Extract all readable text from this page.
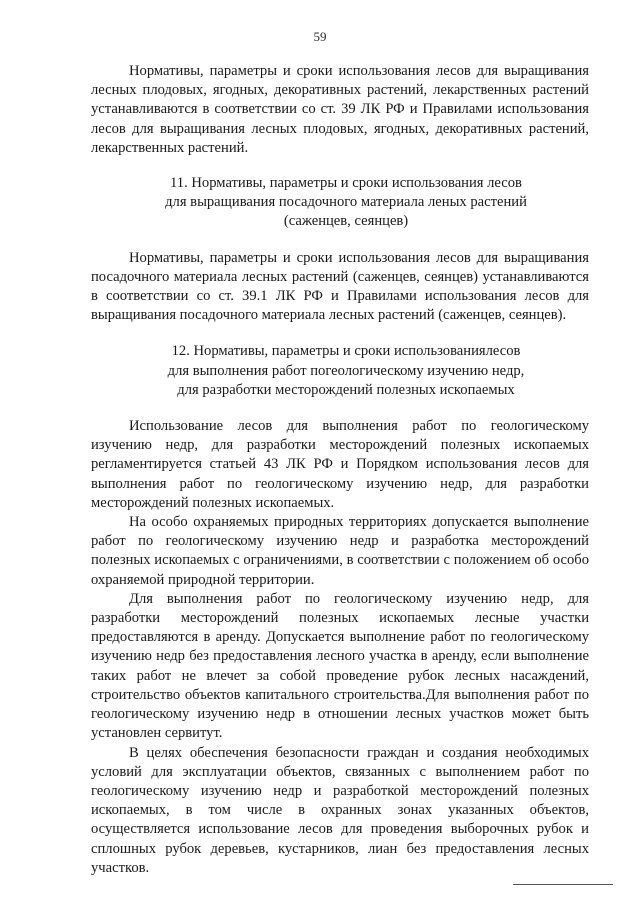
59

Нормативы, параметры и сроки использования лесов для выращивания лесных плодовых, ягодных, декоративных растений, лекарственных растений устанавливаются в соответствии со ст. 39 ЛК РФ и Правилами использования лесов для выращивания лесных плодовых, ягодных, декоративных растений, лекарственных растений.

11. Нормативы, параметры и сроки использования лесов
для выращивания посадочного материала леных растений
(саженцев, сеянцев)

Нормативы, параметры и сроки использования лесов для выращивания посадочного материала лесных растений (саженцев, сеянцев) устанавливаются в соответствии со ст. 39.1 ЛК РФ и Правилами использования лесов для выращивания посадочного материала лесных растений (саженцев, сеянцев).

12. Нормативы, параметры и сроки использованиялесов
для выполнения работ погеологическому изучению недр,
для разработки месторождений полезных ископаемых

Использование лесов для выполнения работ по геологическому изучению недр, для разработки месторождений полезных ископаемых регламентируется статьей 43 ЛК РФ и Порядком использования лесов для выполнения работ по геологическому изучению недр, для разработки месторождений полезных ископаемых.

На особо охраняемых природных территориях допускается выполнение работ по геологическому изучению недр и разработка месторождений полезных ископаемых с ограничениями, в соответствии с положением об особо охраняемой природной территории.

Для выполнения работ по геологическому изучению недр, для разработки месторождений полезных ископаемых лесные участки предоставляются в аренду. Допускается выполнение работ по геологическому изучению недр без предоставления лесного участка в аренду, если выполнение таких работ не влечет за собой проведение рубок лесных насаждений, строительство объектов капитального строительства.Для выполнения работ по геологическому изучению недр в отношении лесных участков может быть установлен сервитут.

В целях обеспечения безопасности граждан и создания необходимых условий для эксплуатации объектов, связанных с выполнением работ по геологическому изучению недр и разработкой месторождений полезных ископаемых, в том числе в охранных зонах указанных объектов, осуществляется использование лесов для проведения выборочных рубок и сплошных рубок деревьев, кустарников, лиан без предоставления лесных участков.
